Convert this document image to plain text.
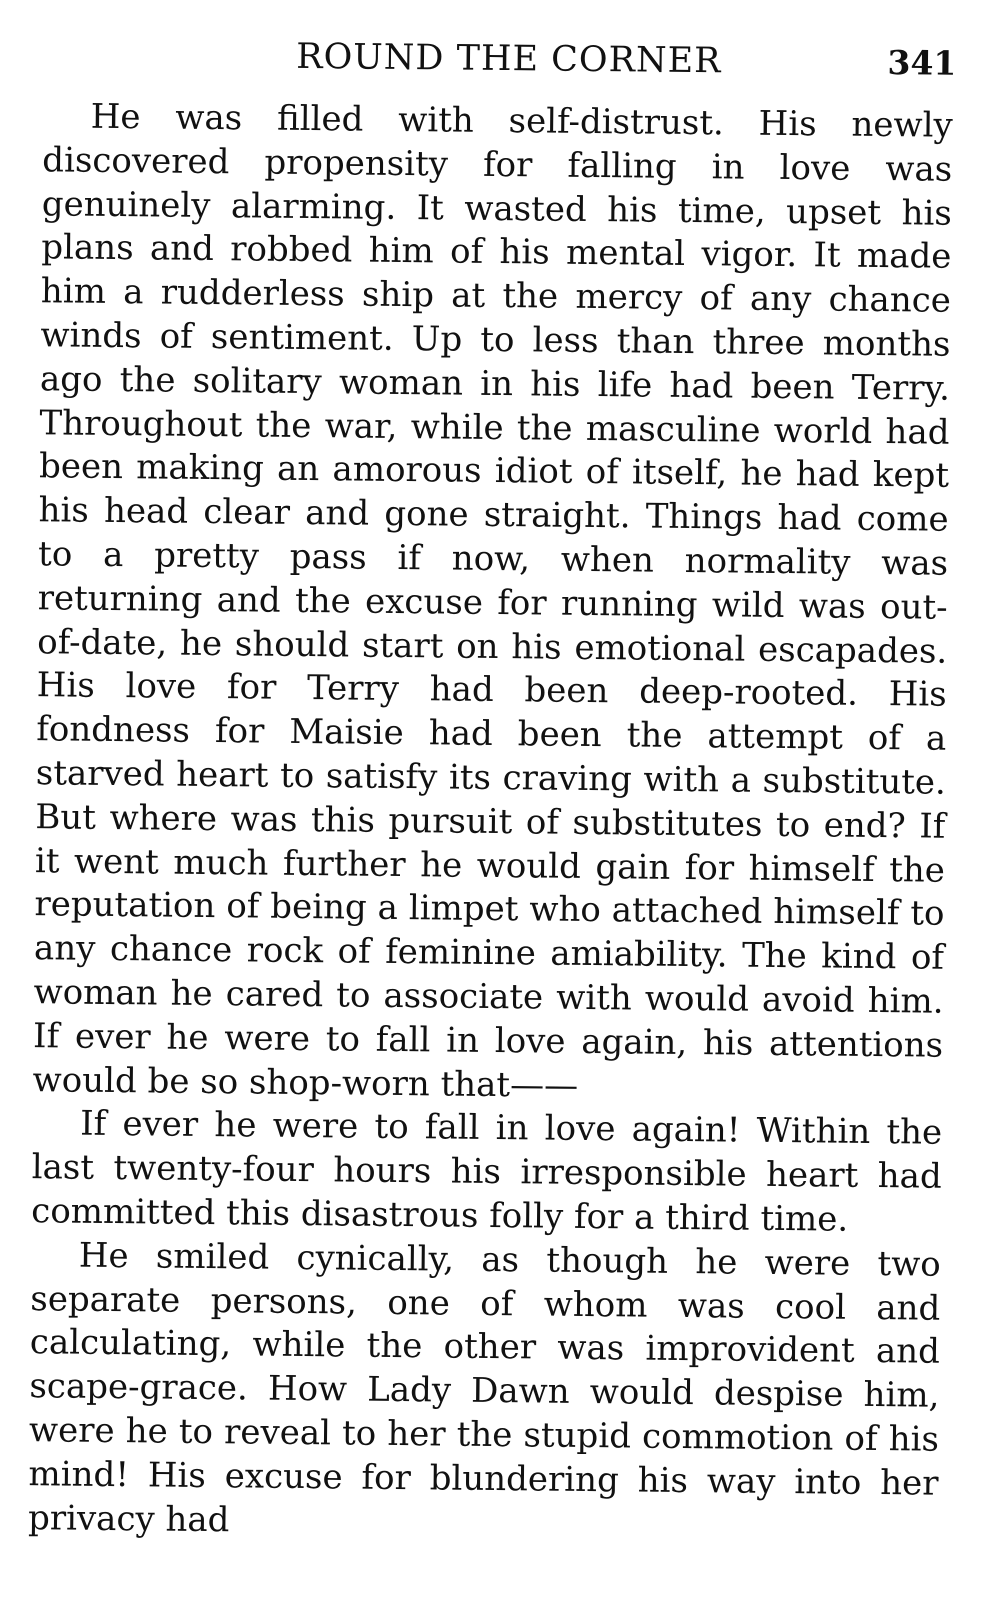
ROUND THE CORNER	341

He was filled with self-distrust. His newly discovered propensity for falling in love was genuinely alarming. It wasted his time, upset his plans and robbed him of his mental vigor. It made him a rudderless ship at the mercy of any chance winds of sentiment. Up to less than three months ago the solitary woman in his life had been Terry. Throughout the war, while the masculine world had been making an amorous idiot of itself, he had kept his head clear and gone straight. Things had come to a pretty pass if now, when normality was returning and the excuse for running wild was out-of-date, he should start on his emotional escapades. His love for Terry had been deep-rooted. His fondness for Maisie had been the attempt of a starved heart to satisfy its craving with a substitute. But where was this pursuit of substitutes to end? If it went much further he would gain for himself the reputation of being a limpet who attached himself to any chance rock of feminine amiability. The kind of woman he cared to associate with would avoid him. If ever he were to fall in love again, his attentions would be so shop-worn that——

If ever he were to fall in love again! Within the last twenty-four hours his irresponsible heart had committed this disastrous folly for a third time.

He smiled cynically, as though he were two separate persons, one of whom was cool and calculating, while the other was improvident and scape-grace. How Lady Dawn would despise him, were he to reveal to her the stupid commotion of his mind! His excuse for blundering his way into her privacy had
